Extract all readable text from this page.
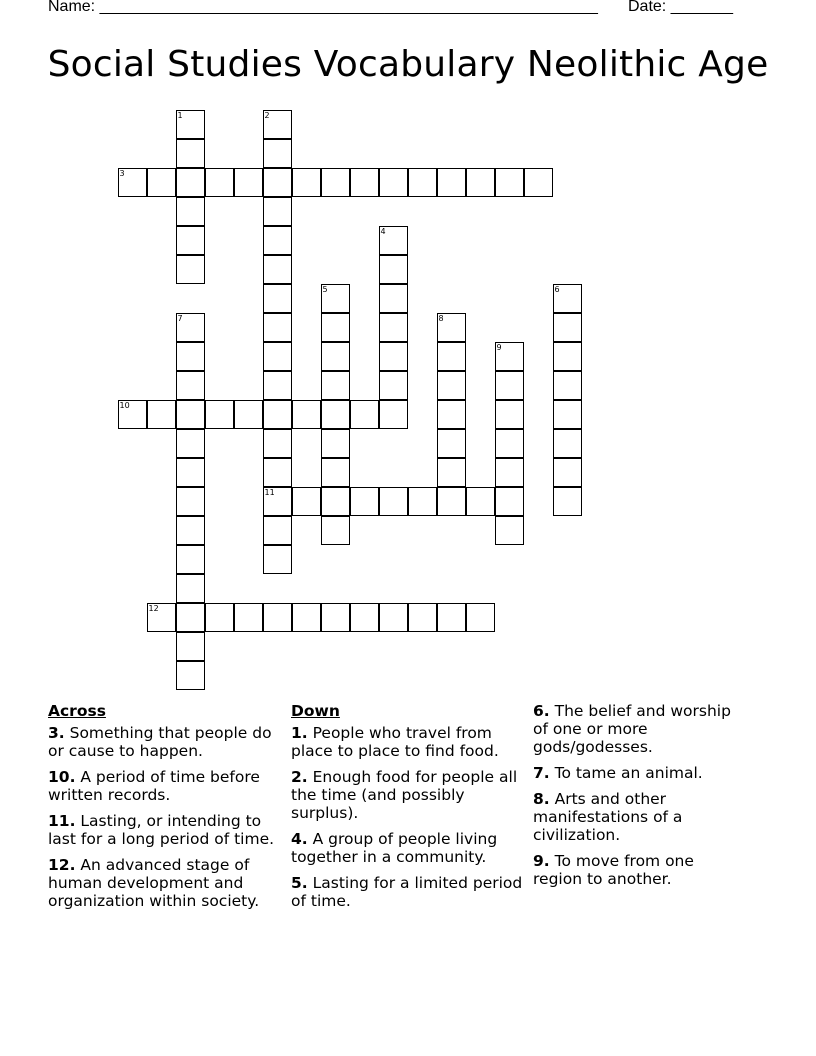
Name: ________________________________________________________ Date: _______
Social Studies Vocabulary Neolithic Age
1	2
11
3
4
5	6
7	8
9
10
12
Across
3. Something that people do or cause to happen.
10. A period of time before written records.
11. Lasting, or intending to last for a long period of time.
12. An advanced stage of human development and organization within society.
Down
1. People who travel from place to place to find food.
2. Enough food for people all the time (and possibly surplus).
4. A group of people living together in a community.
5. Lasting for a limited period of time.
6. The belief and worship of one or more gods/godesses.
7. To tame an animal.
8. Arts and other manifestations of a civilization.
9. To move from one region to another.
